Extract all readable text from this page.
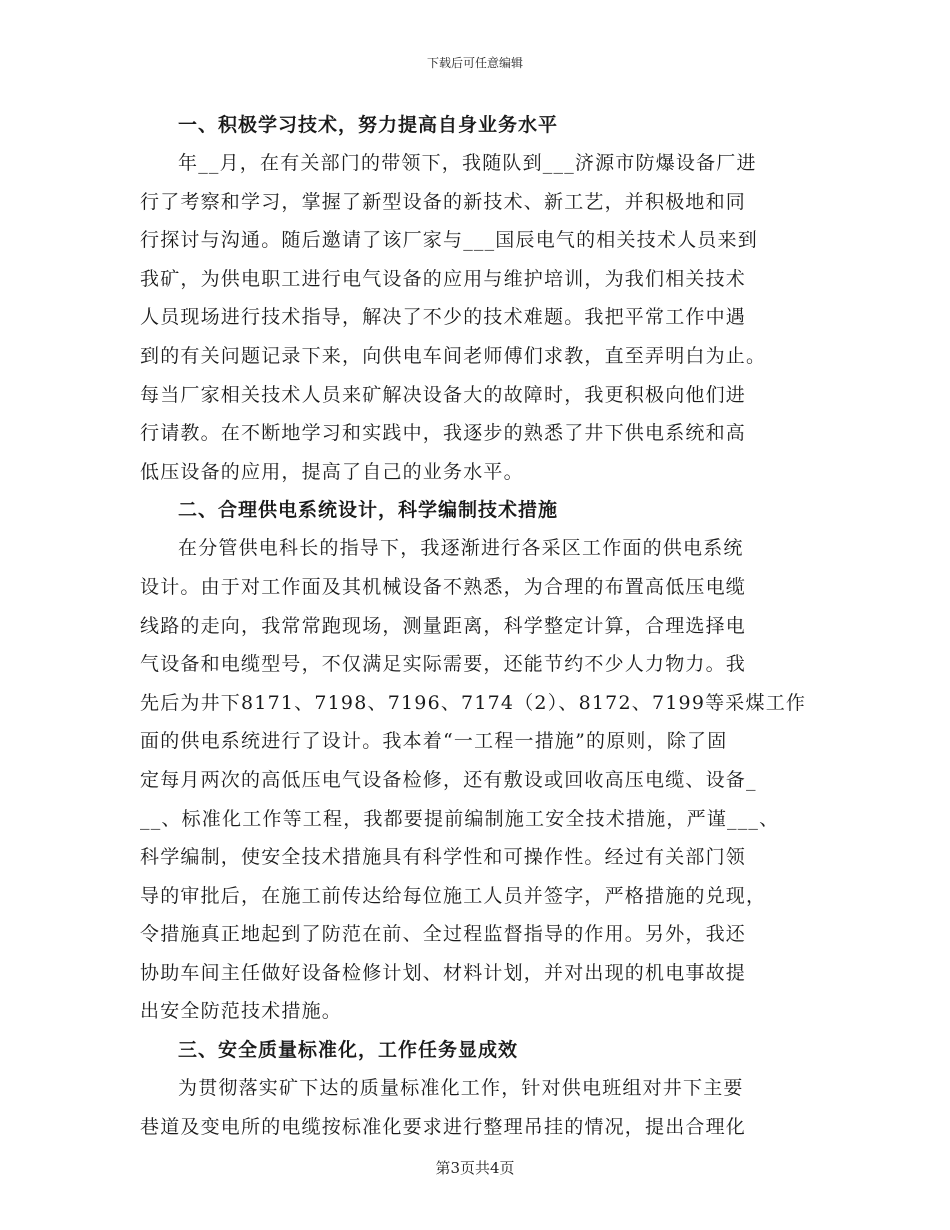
下载后可任意编辑
一、积极学习技术，努力提高自身业务水平

年__月，在有关部门的带领下，我随队到___济源市防爆设备厂进
行了考察和学习，掌握了新型设备的新技术、新工艺，并积极地和同
行探讨与沟通。随后邀请了该厂家与___国辰电气的相关技术人员来到
我矿，为供电职工进行电气设备的应用与维护培训，为我们相关技术
人员现场进行技术指导，解决了不少的技术难题。我把平常工作中遇
到的有关问题记录下来，向供电车间老师傅们求教，直至弄明白为止。
每当厂家相关技术人员来矿解决设备大的故障时，我更积极向他们进
行请教。在不断地学习和实践中，我逐步的熟悉了井下供电系统和高
低压设备的应用，提高了自己的业务水平。

二、合理供电系统设计，科学编制技术措施

在分管供电科长的指导下，我逐渐进行各采区工作面的供电系统
设计。由于对工作面及其机械设备不熟悉，为合理的布置高低压电缆
线路的走向，我常常跑现场，测量距离，科学整定计算，合理选择电
气设备和电缆型号，不仅满足实际需要，还能节约不少人力物力。我
先后为井下8171、7198、7196、7174（2）、8172、7199等采煤工作
面的供电系统进行了设计。我本着“一工程一措施”的原则，除了固
定每月两次的高低压电气设备检修，还有敷设或回收高压电缆、设备_
__、标准化工作等工程，我都要提前编制施工安全技术措施，严谨___、
科学编制，使安全技术措施具有科学性和可操作性。经过有关部门领
导的审批后，在施工前传达给每位施工人员并签字，严格措施的兑现，
令措施真正地起到了防范在前、全过程监督指导的作用。另外，我还
协助车间主任做好设备检修计划、材料计划，并对出现的机电事故提
出安全防范技术措施。

三、安全质量标准化，工作任务显成效

为贯彻落实矿下达的质量标准化工作，针对供电班组对井下主要
巷道及变电所的电缆按标准化要求进行整理吊挂的情况，提出合理化

第3页共4页
